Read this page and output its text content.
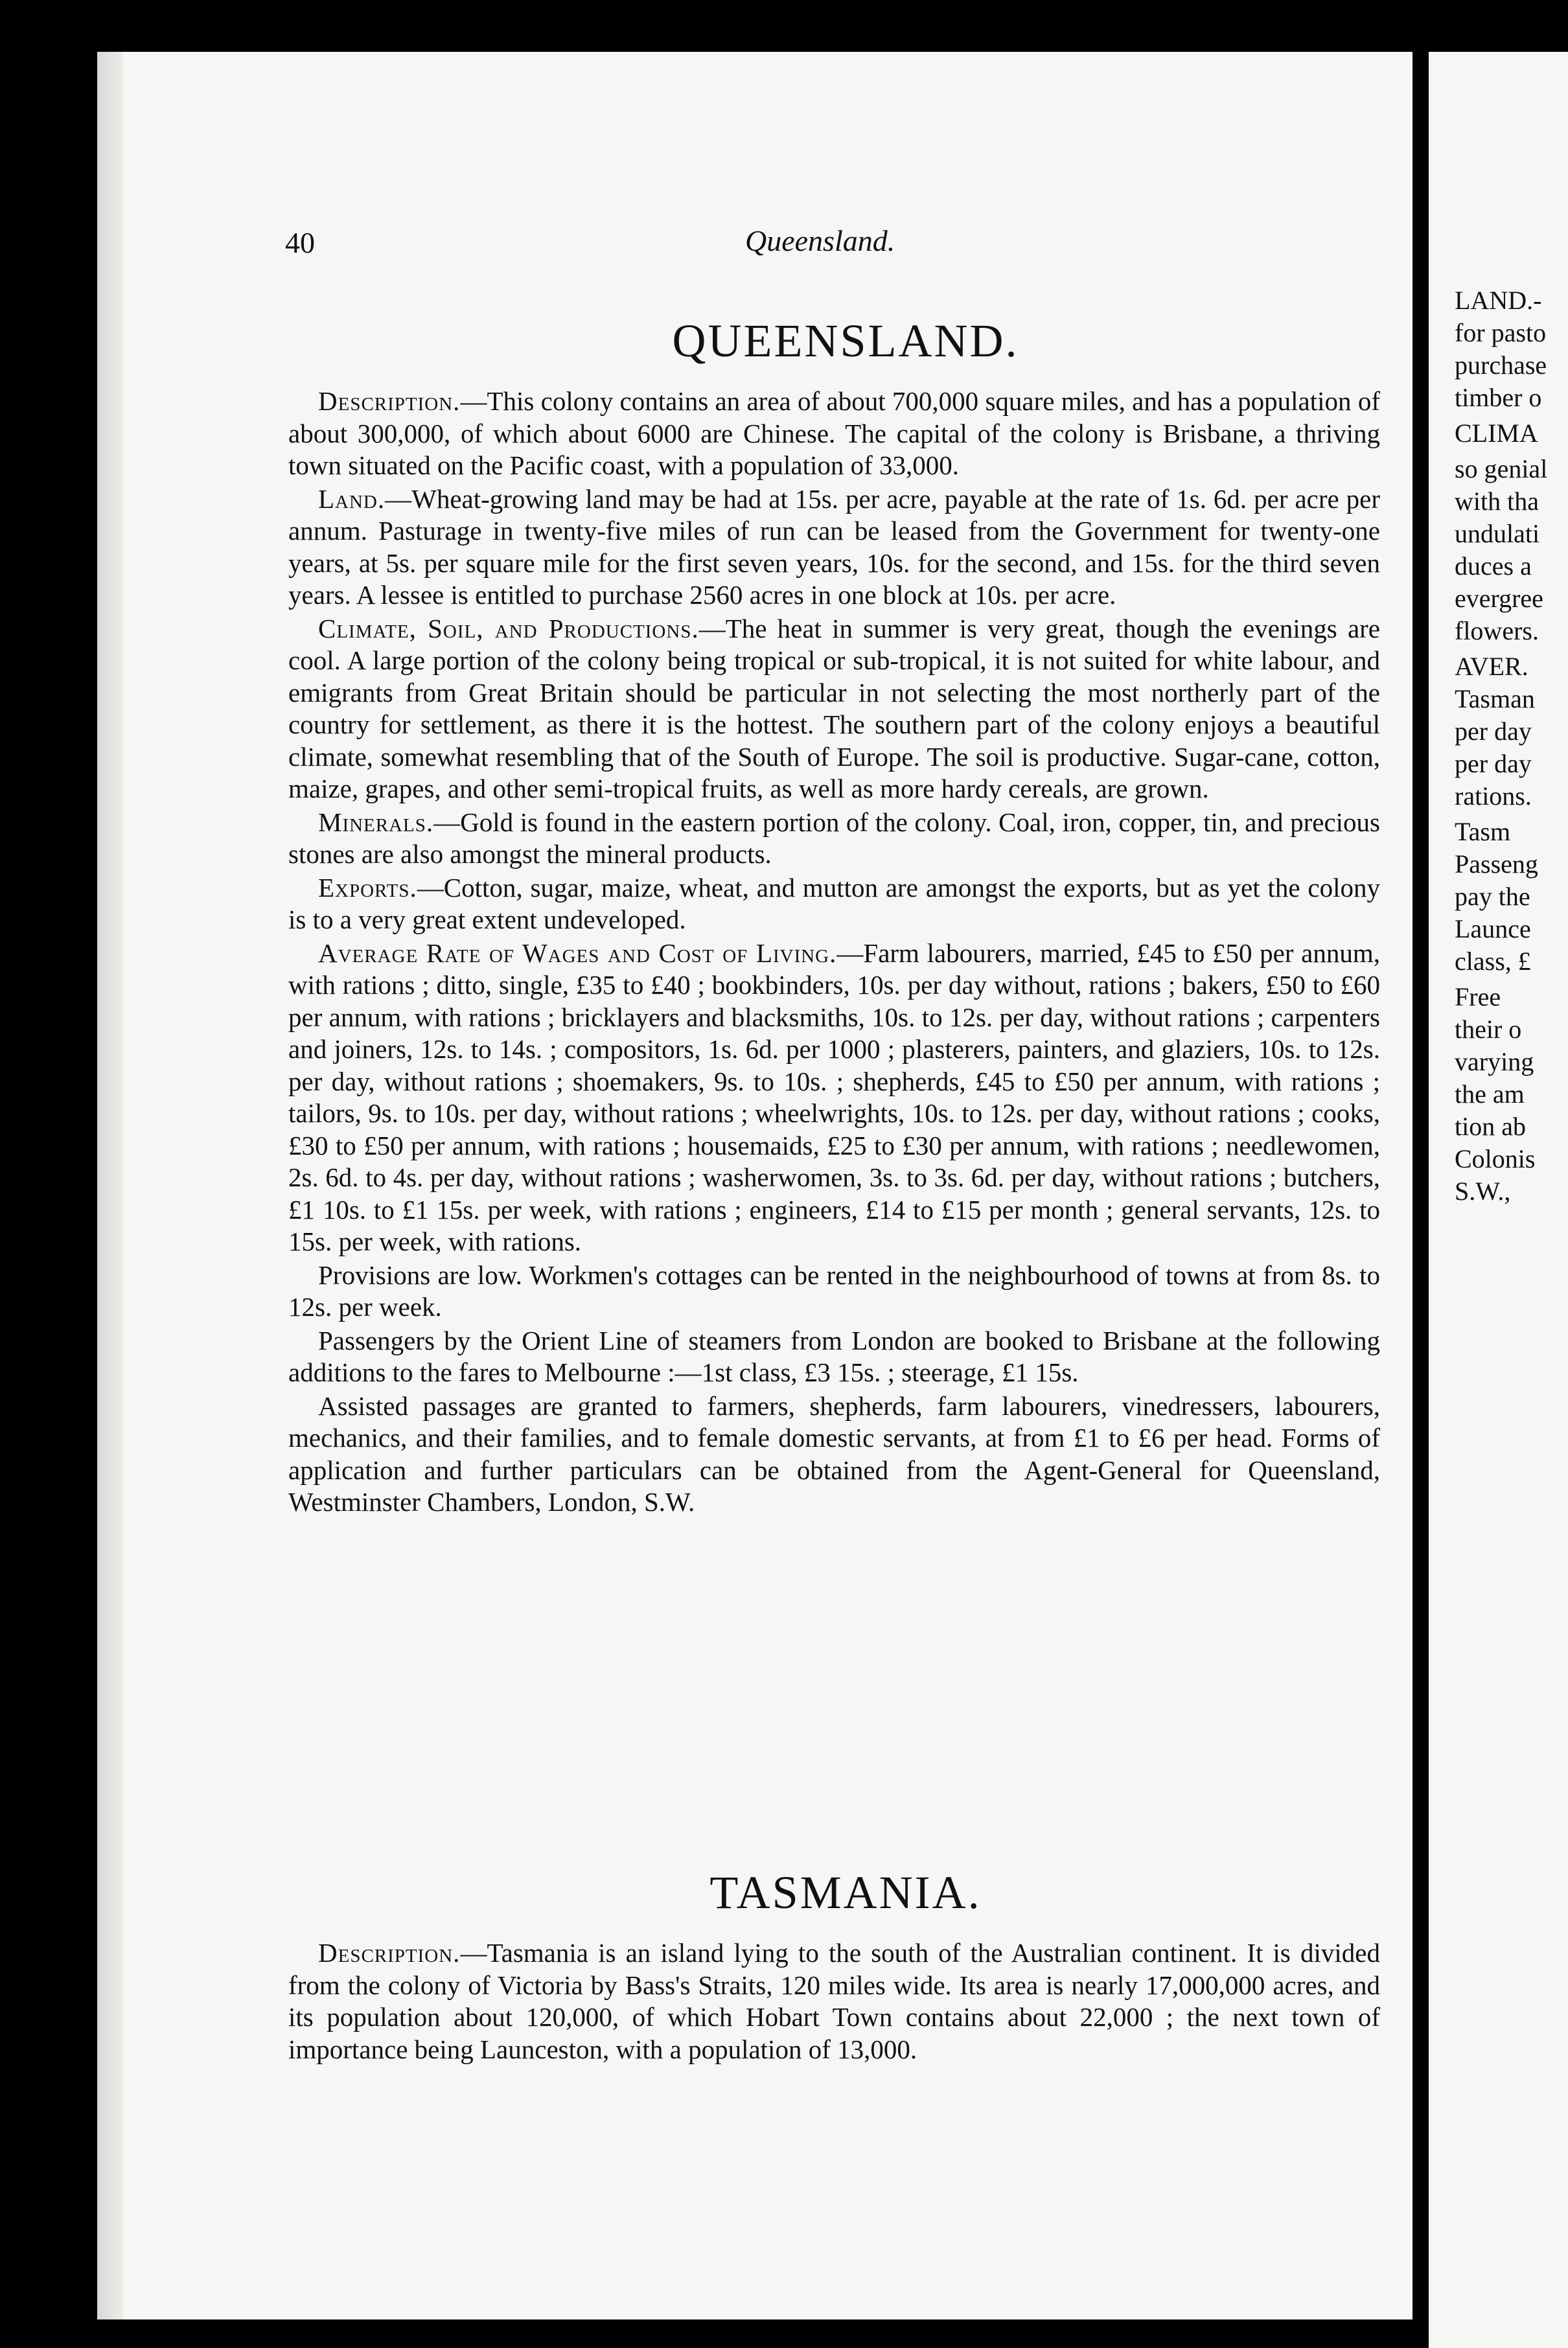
LAND.-
for pasto
purchase
timber o
CLIMA
so genial
with tha
undulati
duces a
evergree
flowers.
AVER.
Tasman
per day
per day
rations.
Tasm
Passeng
pay the
Launce
class, £
Free
their o
varying
the am
tion ab
Colonis
S.W.,
40	Queensland.
QUEENSLAND.

Description.—This colony contains an area of about 700,000 square miles, and has a population of about 300,000, of which about 6000 are Chinese. The capital of the colony is Brisbane, a thriving town situated on the Pacific coast, with a population of 33,000.

Land.—Wheat-growing land may be had at 15s. per acre, payable at the rate of 1s. 6d. per acre per annum. Pasturage in twenty-five miles of run can be leased from the Government for twenty-one years, at 5s. per square mile for the first seven years, 10s. for the second, and 15s. for the third seven years. A lessee is entitled to purchase 2560 acres in one block at 10s. per acre.

Climate, Soil, and Productions.—The heat in summer is very great, though the evenings are cool. A large portion of the colony being tropical or sub-tropical, it is not suited for white labour, and emigrants from Great Britain should be particular in not selecting the most northerly part of the country for settlement, as there it is the hottest. The southern part of the colony enjoys a beautiful climate, somewhat resembling that of the South of Europe. The soil is productive. Sugar-cane, cotton, maize, grapes, and other semi-tropical fruits, as well as more hardy cereals, are grown.

Minerals.—Gold is found in the eastern portion of the colony. Coal, iron, copper, tin, and precious stones are also amongst the mineral products.

Exports.—Cotton, sugar, maize, wheat, and mutton are amongst the exports, but as yet the colony is to a very great extent undeveloped.

Average Rate of Wages and Cost of Living.—Farm labourers, married, £45 to £50 per annum, with rations ; ditto, single, £35 to £40 ; bookbinders, 10s. per day without, rations ; bakers, £50 to £60 per annum, with rations ; bricklayers and blacksmiths, 10s. to 12s. per day, without rations ; carpenters and joiners, 12s. to 14s. ; compositors, 1s. 6d. per 1000 ; plasterers, painters, and glaziers, 10s. to 12s. per day, without rations ; shoemakers, 9s. to 10s. ; shepherds, £45 to £50 per annum, with rations ; tailors, 9s. to 10s. per day, without rations ; wheelwrights, 10s. to 12s. per day, without rations ; cooks, £30 to £50 per annum, with rations ; housemaids, £25 to £30 per annum, with rations ; needlewomen, 2s. 6d. to 4s. per day, without rations ; washerwomen, 3s. to 3s. 6d. per day, without rations ; butchers, £1 10s. to £1 15s. per week, with rations ; engineers, £14 to £15 per month ; general servants, 12s. to 15s. per week, with rations.

Provisions are low. Workmen's cottages can be rented in the neighbourhood of towns at from 8s. to 12s. per week.

Passengers by the Orient Line of steamers from London are booked to Brisbane at the following additions to the fares to Melbourne :—1st class, £3 15s. ; steerage, £1 15s.

Assisted passages are granted to farmers, shepherds, farm labourers, vinedressers, labourers, mechanics, and their families, and to female domestic servants, at from £1 to £6 per head. Forms of application and further particulars can be obtained from the Agent-General for Queensland, Westminster Chambers, London, S.W.

TASMANIA.

Description.—Tasmania is an island lying to the south of the Australian continent. It is divided from the colony of Victoria by Bass's Straits, 120 miles wide. Its area is nearly 17,000,000 acres, and its population about 120,000, of which Hobart Town contains about 22,000 ; the next town of importance being Launceston, with a population of 13,000.
